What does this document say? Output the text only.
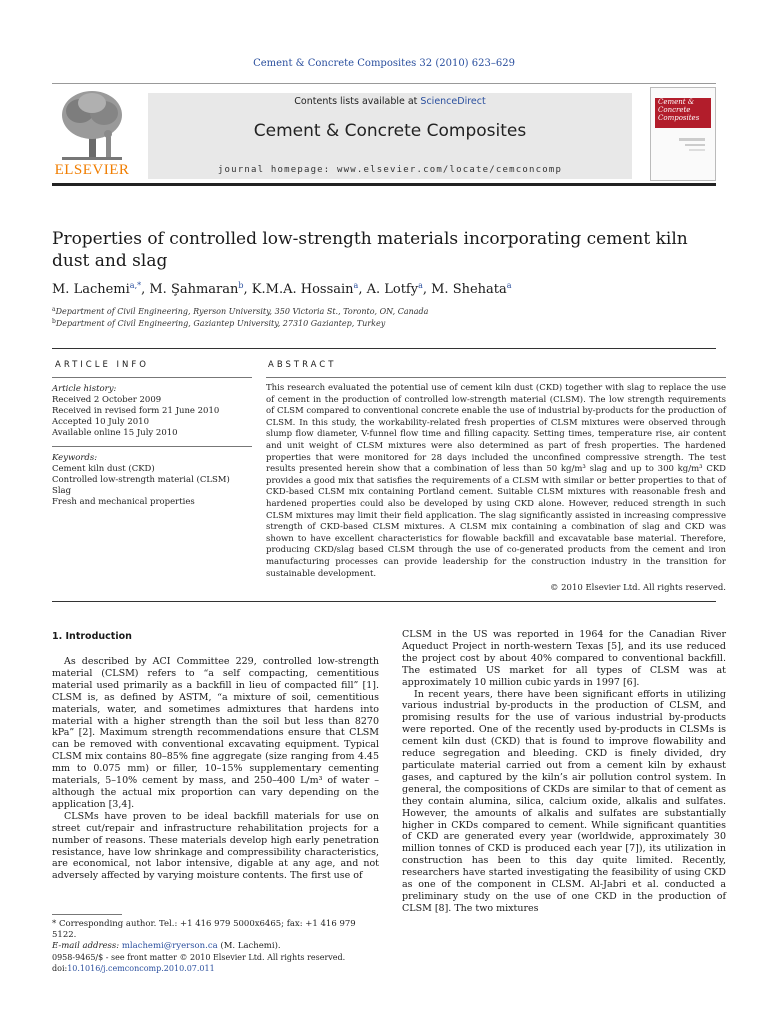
Cement & Concrete Composites 32 (2010) 623–629
ELSEVIER
Contents lists available at ScienceDirect
Cement & Concrete Composites
journal homepage: www.elsevier.com/locate/cemconcomp
Cement &
Concrete
Composites
Properties of controlled low-strength materials incorporating cement kiln
dust and slag
M. Lachemi$^{a,*}$, M. Şahmaran$^b$, K.M.A. Hossain$^a$, A. Lotfy$^a$, M. Shehata$^a$
$^a$Department of Civil Engineering, Ryerson University, 350 Victoria St., Toronto, ON, Canada
$^b$Department of Civil Engineering, Gaziantep University, 27310 Gaziantep, Turkey
ARTICLE INFO	ABSTRACT
Article history:
Received 2 October 2009
Received in revised form 21 June 2010
Accepted 10 July 2010
Available online 15 July 2010
Keywords:
Cement kiln dust (CKD)
Controlled low-strength material (CLSM)
Slag
Fresh and mechanical properties
This research evaluated the potential use of cement kiln dust (CKD) together with slag to replace the use of cement in the production of controlled low-strength material (CLSM). The low strength requirements of CLSM compared to conventional concrete enable the use of industrial by-products for the production of CLSM. In this study, the workability-related fresh properties of CLSM mixtures were observed through slump flow diameter, V-funnel flow time and filling capacity. Setting times, temperature rise, air content and unit weight of CLSM mixtures were also determined as part of fresh properties. The hardened properties that were monitored for 28 days included the unconfined compressive strength. The test results presented herein show that a combination of less than 50 kg/m³ slag and up to 300 kg/m³ CKD provides a good mix that satisfies the requirements of a CLSM with similar or better properties to that of CKD-based CLSM mix containing Portland cement. Suitable CLSM mixtures with reasonable fresh and hardened properties could also be developed by using CKD alone. However, reduced strength in such CLSM mixtures may limit their field application. The slag significantly assisted in increasing compressive strength of CKD-based CLSM mixtures. A CLSM mix containing a combination of slag and CKD was shown to have excellent characteristics for flowable backfill and excavatable base material. Therefore, producing CKD/slag based CLSM through the use of co-generated products from the cement and iron manufacturing processes can provide leadership for the construction industry in the transition for sustainable development.
© 2010 Elsevier Ltd. All rights reserved.
1. Introduction

As described by ACI Committee 229, controlled low-strength material (CLSM) refers to “a self compacting, cementitious material used primarily as a backfill in lieu of compacted fill” [1]. CLSM is, as defined by ASTM, “a mixture of soil, cementitious materials, water, and sometimes admixtures that hardens into material with a higher strength than the soil but less than 8270 kPa” [2]. Maximum strength recommendations ensure that CLSM can be removed with conventional excavating equipment. Typical CLSM mix contains 80–85% fine aggregate (size ranging from 4.45 mm to 0.075 mm) or filler, 10–15% supplementary cementing materials, 5–10% cement by mass, and 250–400 L/m³ of water – although the actual mix proportion can vary depending on the application [3,4].

CLSMs have proven to be ideal backfill materials for use on street cut/repair and infrastructure rehabilitation projects for a number of reasons. These materials develop high early penetration resistance, have low shrinkage and compressibility characteristics, are economical, not labor intensive, digable at any age, and not adversely affected by varying moisture contents. The first use of

CLSM in the US was reported in 1964 for the Canadian River Aqueduct Project in north-western Texas [5], and its use reduced the project cost by about 40% compared to conventional backfill. The estimated US market for all types of CLSM was at approximately 10 million cubic yards in 1997 [6].

In recent years, there have been significant efforts in utilizing various industrial by-products in the production of CLSM, and promising results for the use of various industrial by-products were reported. One of the recently used by-products in CLSMs is cement kiln dust (CKD) that is found to improve flowability and reduce segregation and bleeding. CKD is finely divided, dry particulate material carried out from a cement kiln by exhaust gases, and captured by the kiln’s air pollution control system. In general, the compositions of CKDs are similar to that of cement as they contain alumina, silica, calcium oxide, alkalis and sulfates. However, the amounts of alkalis and sulfates are substantially higher in CKDs compared to cement. While significant quantities of CKD are generated every year (worldwide, approximately 30 million tonnes of CKD is produced each year [7]), its utilization in construction has been to this day quite limited. Recently, researchers have started investigating the feasibility of using CKD as one of the component in CLSM. Al-Jabri et al. conducted a preliminary study on the use of one CKD in the production of CLSM [8]. The two mixtures

* Corresponding author. Tel.: +1 416 979 5000x6465; fax: +1 416 979 5122.
E-mail address: mlachemi@ryerson.ca (M. Lachemi).
0958-9465/$ - see front matter © 2010 Elsevier Ltd. All rights reserved.
doi:10.1016/j.cemconcomp.2010.07.011
